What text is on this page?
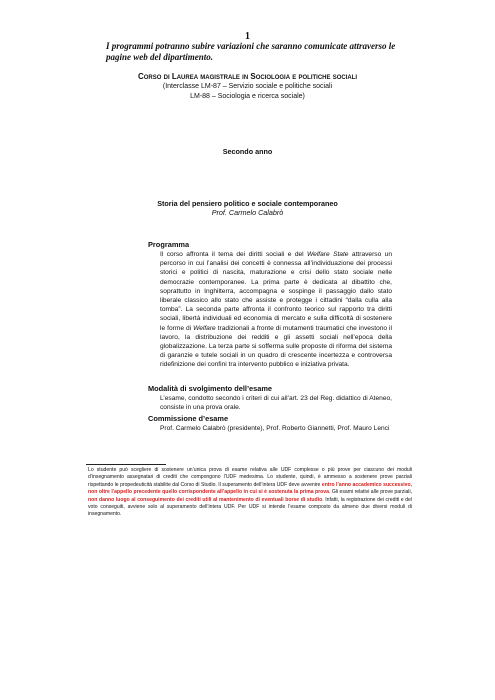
1
I programmi potranno subire variazioni che saranno comunicate attraverso le pagine web del dipartimento.
Corso di Laurea magistrale in Sociologia e politiche sociali
(Interclasse LM-87 – Servizio sociale e politiche sociali
LM-88 – Sociologia e ricerca sociale)
Secondo anno
Storia del pensiero politico e sociale contemporaneo
Prof. Carmelo Calabrò
Programma

Il corso affronta il tema dei diritti sociali e del Welfare State attraverso un percorso in cui l’analisi dei concetti è connessa all’individuazione dei processi storici e politici di nascita, maturazione e crisi dello stato sociale nelle democrazie contemporanee. La prima parte è dedicata al dibattito che, soprattutto in Inghilterra, accompagna e sospinge il passaggio dallo stato liberale classico allo stato che assiste e protegge i cittadini “dalla culla alla tomba”. La seconda parte affronta il confronto teorico sul rapporto tra diritti sociali, libertà individuali ed economia di mercato e sulla difficoltà di sostenere le forme di Welfare tradizionali a fronte di mutamenti traumatici che investono il lavoro, la distribuzione dei redditi e gli assetti sociali nell’epoca della globalizzazione. La terza parte si sofferma sulle proposte di riforma del sistema di garanzie e tutele sociali in un quadro di crescente incertezza e controversa ridefinizione dei confini tra intervento pubblico e iniziativa privata.

Modalità di svolgimento dell’esame

L’esame, condotto secondo i criteri di cui all’art. 23 del Reg. didattico di Ateneo, consiste in una prova orale.

Commissione d’esame

Prof. Carmelo Calabrò (presidente), Prof. Roberto Giannetti, Prof. Mauro Lenci

Lo studente può scegliere di sostenere un’unica prova di esame relativa alle UDF complesse o più prove per ciascuno dei moduli d’insegnamento assegnatari di crediti che compongono l’UDF medesima. Lo studente, quindi, è ammesso a sostenere prove parziali rispettando le propedeuticità stabilite dal Corso di Studio. Il superamento dell’intera UDF deve avvenire entro l’anno accademico successivo, non oltre l’appello precedente quello corrispondente all’appello in cui si è sostenuta la prima prova. Gli esami relativi alle prove parziali, non danno luogo al conseguimento dei crediti utili al mantenimento di eventuali borse di studio. Infatti, la registrazione dei crediti e del voto conseguiti, avviene solo al superamento dell’intera UDF. Per UDF si intende l’esame composto da almeno due diversi moduli di insegnamento.
